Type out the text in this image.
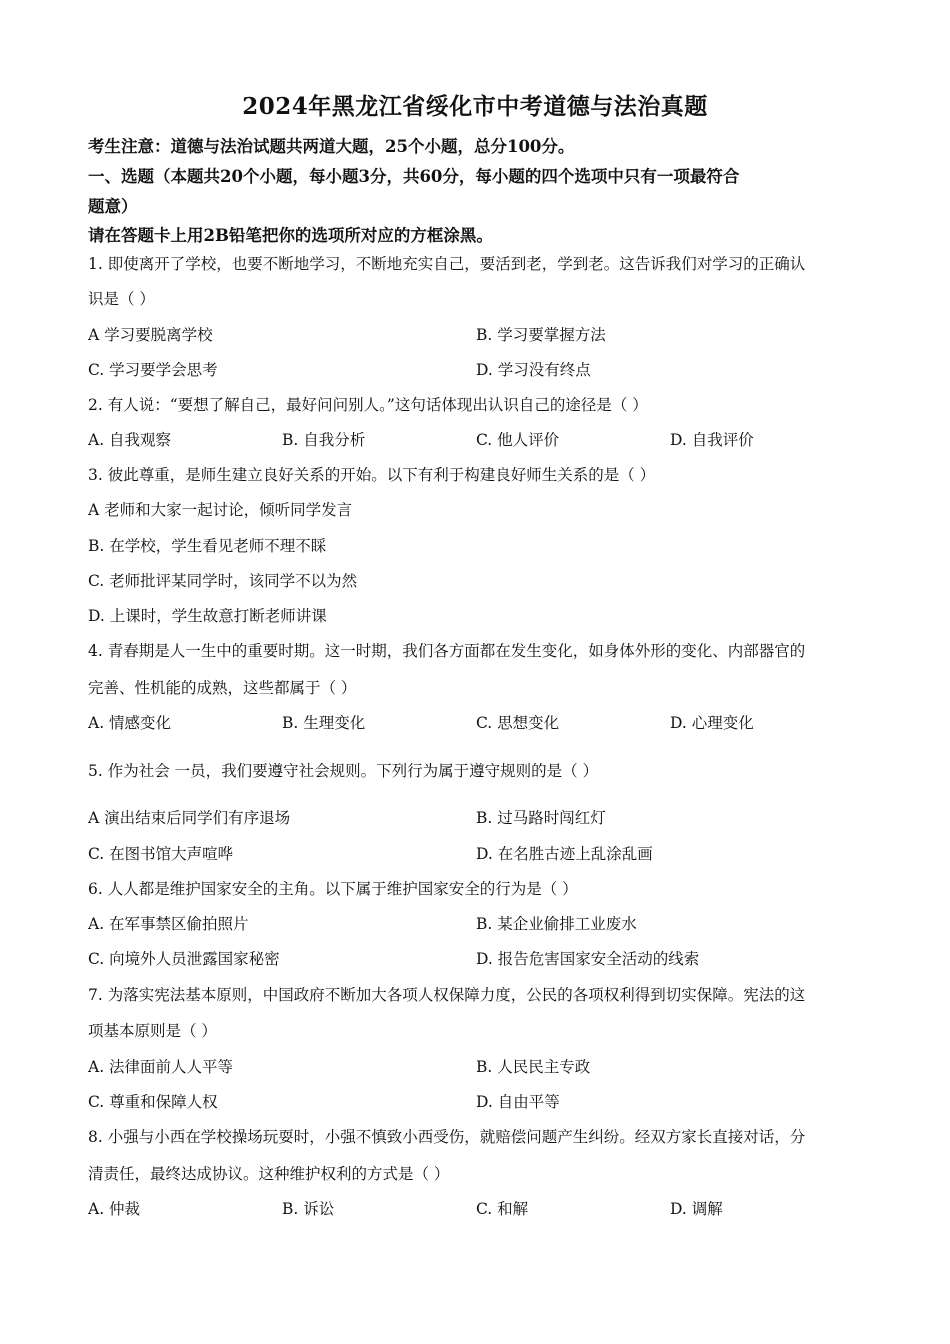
2024年黑龙江省绥化市中考道德与法治真题
考生注意：道德与法治试题共两道大题，25个小题，总分100分。
一、选题（本题共20个小题，每小题3分，共60分，每小题的四个选项中只有一项最符合
题意）
请在答题卡上用2B铅笔把你的选项所对应的方框涂黑。
1. 即使离开了学校，也要不断地学习，不断地充实自己，要活到老，学到老。这告诉我们对学习的正确认
识是（ ）
A 学习要脱离学校	B. 学习要掌握方法
C. 学习要学会思考	D. 学习没有终点
2. 有人说：“要想了解自己，最好问问别人。”这句话体现出认识自己的途径是（ ）
A. 自我观察	B. 自我分析	C. 他人评价	D. 自我评价
3. 彼此尊重，是师生建立良好关系的开始。以下有利于构建良好师生关系的是（ ）
A 老师和大家一起讨论，倾听同学发言
B. 在学校，学生看见老师不理不睬
C. 老师批评某同学时，该同学不以为然
D. 上课时，学生故意打断老师讲课
4. 青春期是人一生中的重要时期。这一时期，我们各方面都在发生变化，如身体外形的变化、内部器官的
完善、性机能的成熟，这些都属于（ ）
A. 情感变化	B. 生理变化	C. 思想变化	D. 心理变化
5. 作为社会 一员，我们要遵守社会规则。下列行为属于遵守规则的是（ ）
A 演出结束后同学们有序退场	B. 过马路时闯红灯
C. 在图书馆大声喧哗	D. 在名胜古迹上乱涂乱画
6. 人人都是维护国家安全的主角。以下属于维护国家安全的行为是（ ）
A. 在军事禁区偷拍照片	B. 某企业偷排工业废水
C. 向境外人员泄露国家秘密	D. 报告危害国家安全活动的线索
7. 为落实宪法基本原则，中国政府不断加大各项人权保障力度，公民的各项权利得到切实保障。宪法的这
项基本原则是（ ）
A. 法律面前人人平等	B. 人民民主专政
C. 尊重和保障人权	D. 自由平等
8. 小强与小西在学校操场玩耍时，小强不慎致小西受伤，就赔偿问题产生纠纷。经双方家长直接对话，分
清责任，最终达成协议。这种维护权利的方式是（ ）
A. 仲裁	B. 诉讼	C. 和解	D. 调解
